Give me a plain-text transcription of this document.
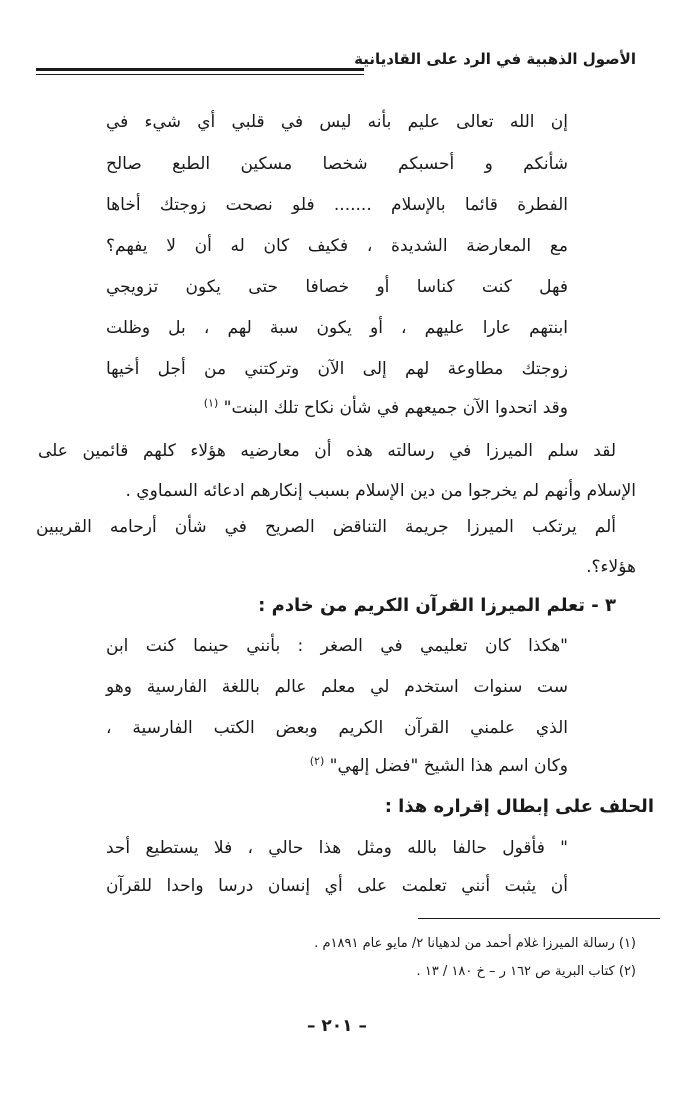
الأصول الذهبية في الرد على القاديانية
إن الله تعالى عليم بأنه ليس في قلبي أي شيء في
شأنكم و أحسبكم شخصا مسكين الطبع صالح
الفطرة قائما بالإسلام ....... فلو نصحت زوجتك أخاها
مع المعارضة الشديدة ، فكيف كان له أن لا يفهم؟
فهل كنت كناسا أو خصافا حتى يكون تزويجي
ابنتهم عارا عليهم ، أو يكون سبة لهم ، بل وظلت
زوجتك مطاوعة لهم إلى الآن وتركتني من أجل أخيها
وقد اتحدوا الآن جميعهم في شأن نكاح تلك البنت" $^{(١)}$
لقد سلم الميرزا في رسالته هذه أن معارضيه هؤلاء كلهم قائمين على
الإسلام وأنهم لم يخرجوا من دين الإسلام بسبب إنكارهم ادعائه السماوي .
ألم يرتكب الميرزا جريمة التناقض الصريح في شأن أرحامه القريبين
هؤلاء؟.
٣ - تعلم الميرزا القرآن الكريم من خادم :
"هكذا كان تعليمي في الصغر : بأنني حينما كنت ابن
ست سنوات استخدم لي معلم عالم باللغة الفارسية وهو
الذي علمني القرآن الكريم وبعض الكتب الفارسية ،
وكان اسم هذا الشيخ "فضل إلهي" $^{(٢)}$
الحلف على إبطال إقراره هذا :
" فأقول حالفا بالله ومثل هذا حالي ، فلا يستطيع أحد
أن يثبت أنني تعلمت على أي إنسان درسا واحدا للقرآن
(١) رسالة الميرزا غلام أحمد من لدهيانا ٢/ مايو عام ١٨٩١م .
(٢) كتاب البرية ص ١٦٢ ر – خ ١٨٠ / ١٣ .
– ٢٠١ –
